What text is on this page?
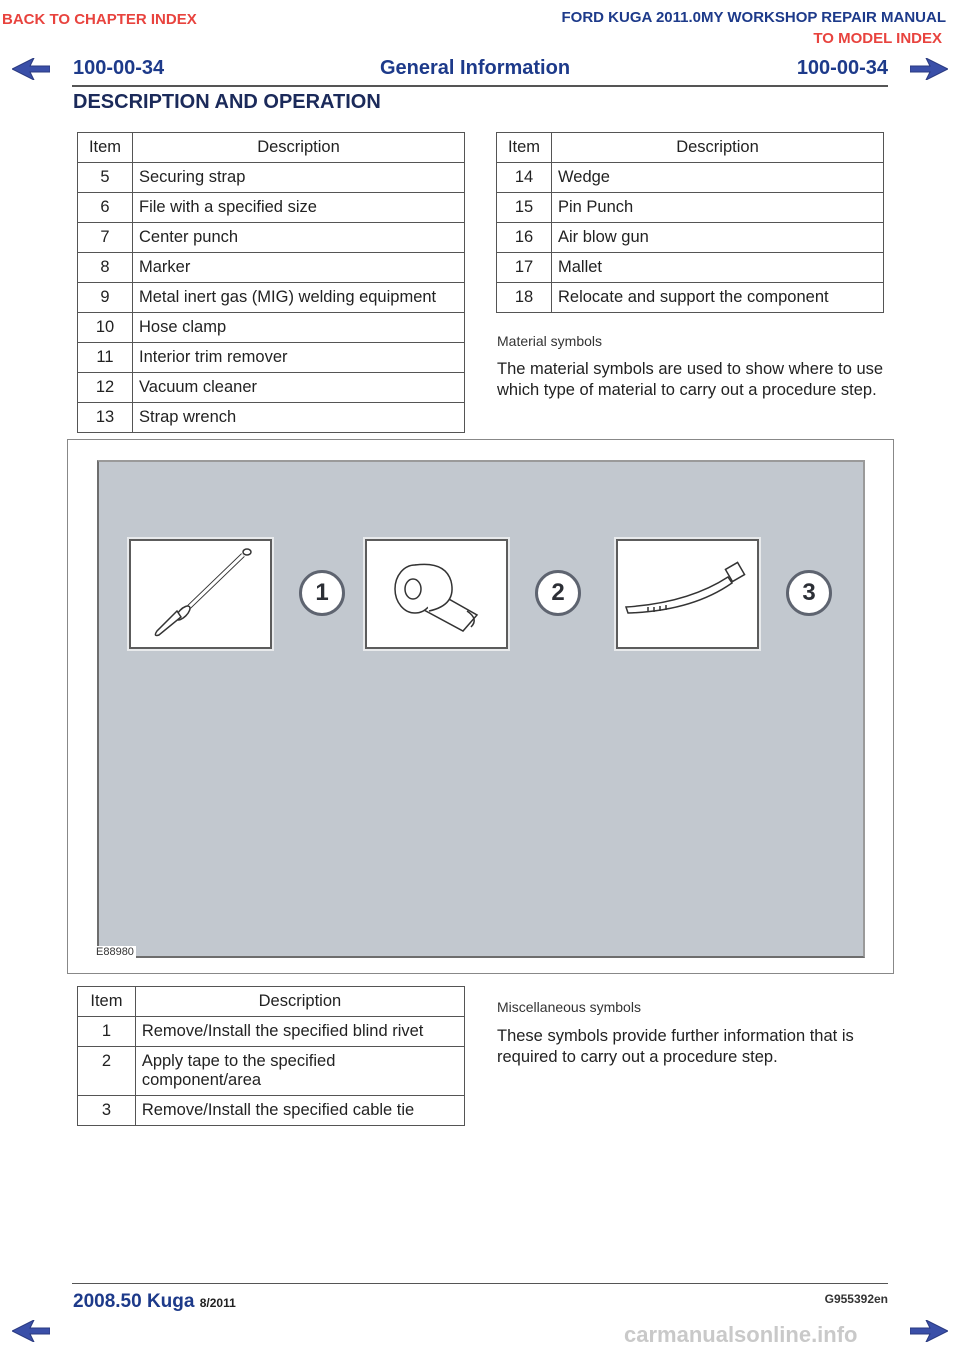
BACK TO CHAPTER INDEX	FORD KUGA 2011.0MY WORKSHOP REPAIR MANUAL
TO MODEL INDEX
100-00-34	General Information	100-00-34
DESCRIPTION AND OPERATION
Item	Description
5	Securing strap
6	File with a specified size
7	Center punch
8	Marker
9	Metal inert gas (MIG) welding equipment
10	Hose clamp
11	Interior trim remover
12	Vacuum cleaner
13	Strap wrench
Item	Description
14	Wedge
15	Pin Punch
16	Air blow gun
17	Mallet
18	Relocate and support the component
Material symbols
The material symbols are used to show where to use which type of material to carry out a procedure step.
1	2	3
E88980
Item	Description
1	Remove/Install the specified blind rivet
2	Apply tape to the specified component/area
3	Remove/Install the specified cable tie
Miscellaneous symbols
These symbols provide further information that is required to carry out a procedure step.
2008.50 Kuga 8/2011	G955392en
carmanualsonline.info
